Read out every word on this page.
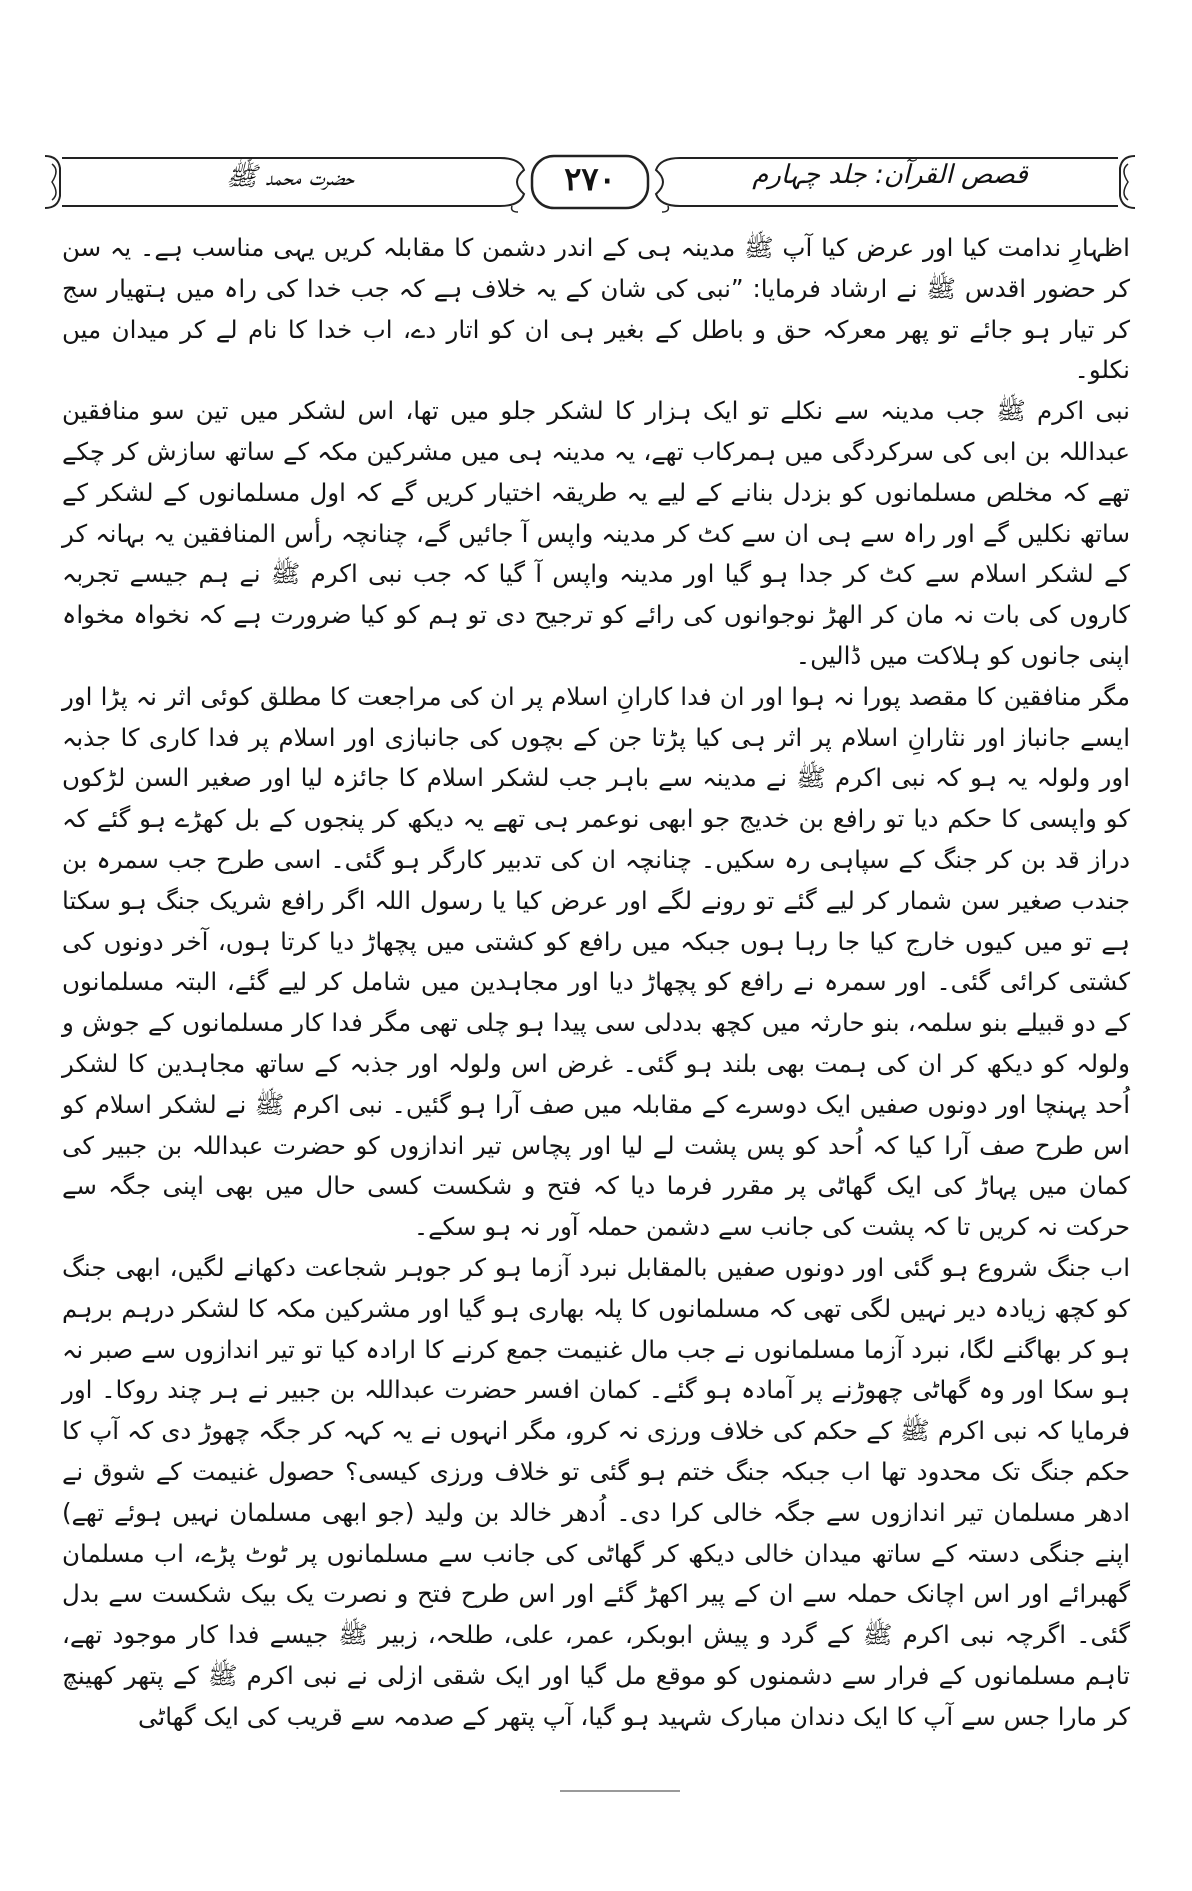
قصص القرآن: جلد چہارم
۲۷۰
حضرت محمد ﷺ

اظہارِ ندامت کیا اور عرض کیا آپ ﷺ مدینہ ہی کے اندر دشمن کا مقابلہ کریں یہی مناسب ہے۔ یہ سن کر حضور اقدس ﷺ نے ارشاد فرمایا: ”نبی کی شان کے یہ خلاف ہے کہ جب خدا کی راہ میں ہتھیار سج کر تیار ہو جائے تو پھر معرکہ حق و باطل کے بغیر ہی ان کو اتار دے، اب خدا کا نام لے کر میدان میں نکلو۔

نبی اکرم ﷺ جب مدینہ سے نکلے تو ایک ہزار کا لشکر جلو میں تھا، اس لشکر میں تین سو منافقین عبداللہ بن ابی کی سرکردگی میں ہمرکاب تھے، یہ مدینہ ہی میں مشرکین مکہ کے ساتھ سازش کر چکے تھے کہ مخلص مسلمانوں کو بزدل بنانے کے لیے یہ طریقہ اختیار کریں گے کہ اول مسلمانوں کے لشکر کے ساتھ نکلیں گے اور راہ سے ہی ان سے کٹ کر مدینہ واپس آ جائیں گے، چنانچہ رأس المنافقین یہ بہانہ کر کے لشکر اسلام سے کٹ کر جدا ہو گیا اور مدینہ واپس آ گیا کہ جب نبی اکرم ﷺ نے ہم جیسے تجربہ کاروں کی بات نہ مان کر الھڑ نوجوانوں کی رائے کو ترجیح دی تو ہم کو کیا ضرورت ہے کہ نخواہ مخواہ اپنی جانوں کو ہلاکت میں ڈالیں۔

مگر منافقین کا مقصد پورا نہ ہوا اور ان فدا کارانِ اسلام پر ان کی مراجعت کا مطلق کوئی اثر نہ پڑا اور ایسے جانباز اور نثارانِ اسلام پر اثر ہی کیا پڑتا جن کے بچوں کی جانبازی اور اسلام پر فدا کاری کا جذبہ اور ولولہ یہ ہو کہ نبی اکرم ﷺ نے مدینہ سے باہر جب لشکر اسلام کا جائزہ لیا اور صغیر السن لڑکوں کو واپسی کا حکم دیا تو رافع بن خدیج جو ابھی نوعمر ہی تھے یہ دیکھ کر پنجوں کے بل کھڑے ہو گئے کہ دراز قد بن کر جنگ کے سپاہی رہ سکیں۔ چنانچہ ان کی تدبیر کارگر ہو گئی۔ اسی طرح جب سمرہ بن جندب صغیر سن شمار کر لیے گئے تو رونے لگے اور عرض کیا یا رسول اللہ اگر رافع شریک جنگ ہو سکتا ہے تو میں کیوں خارج کیا جا رہا ہوں جبکہ میں رافع کو کشتی میں پچھاڑ دیا کرتا ہوں، آخر دونوں کی کشتی کرائی گئی۔ اور سمرہ نے رافع کو پچھاڑ دیا اور مجاہدین میں شامل کر لیے گئے، البتہ مسلمانوں کے دو قبیلے بنو سلمہ، بنو حارثہ میں کچھ بددلی سی پیدا ہو چلی تھی مگر فدا کار مسلمانوں کے جوش و ولولہ کو دیکھ کر ان کی ہمت بھی بلند ہو گئی۔ غرض اس ولولہ اور جذبہ کے ساتھ مجاہدین کا لشکر اُحد پہنچا اور دونوں صفیں ایک دوسرے کے مقابلہ میں صف آرا ہو گئیں۔ نبی اکرم ﷺ نے لشکر اسلام کو اس طرح صف آرا کیا کہ اُحد کو پس پشت لے لیا اور پچاس تیر اندازوں کو حضرت عبداللہ بن جبیر کی کمان میں پہاڑ کی ایک گھاٹی پر مقرر فرما دیا کہ فتح و شکست کسی حال میں بھی اپنی جگہ سے حرکت نہ کریں تا کہ پشت کی جانب سے دشمن حملہ آور نہ ہو سکے۔

اب جنگ شروع ہو گئی اور دونوں صفیں بالمقابل نبرد آزما ہو کر جوہر شجاعت دکھانے لگیں، ابھی جنگ کو کچھ زیادہ دیر نہیں لگی تھی کہ مسلمانوں کا پلہ بھاری ہو گیا اور مشرکین مکہ کا لشکر درہم برہم ہو کر بھاگنے لگا، نبرد آزما مسلمانوں نے جب مال غنیمت جمع کرنے کا ارادہ کیا تو تیر اندازوں سے صبر نہ ہو سکا اور وہ گھاٹی چھوڑنے پر آمادہ ہو گئے۔ کمان افسر حضرت عبداللہ بن جبیر نے ہر چند روکا۔ اور فرمایا کہ نبی اکرم ﷺ کے حکم کی خلاف ورزی نہ کرو، مگر انہوں نے یہ کہہ کر جگہ چھوڑ دی کہ آپ کا حکم جنگ تک محدود تھا اب جبکہ جنگ ختم ہو گئی تو خلاف ورزی کیسی؟ حصول غنیمت کے شوق نے ادھر مسلمان تیر اندازوں سے جگہ خالی کرا دی۔ اُدھر خالد بن ولید (جو ابھی مسلمان نہیں ہوئے تھے) اپنے جنگی دستہ کے ساتھ میدان خالی دیکھ کر گھاٹی کی جانب سے مسلمانوں پر ٹوٹ پڑے، اب مسلمان گھبرائے اور اس اچانک حملہ سے ان کے پیر اکھڑ گئے اور اس طرح فتح و نصرت یک بیک شکست سے بدل گئی۔ اگرچہ نبی اکرم ﷺ کے گرد و پیش ابوبکر، عمر، علی، طلحہ، زبیر ﷺ جیسے فدا کار موجود تھے، تاہم مسلمانوں کے فرار سے دشمنوں کو موقع مل گیا اور ایک شقی ازلی نے نبی اکرم ﷺ کے پتھر کھینچ کر مارا جس سے آپ کا ایک دندان مبارک شہید ہو گیا، آپ پتھر کے صدمہ سے قریب کی ایک گھاٹی
